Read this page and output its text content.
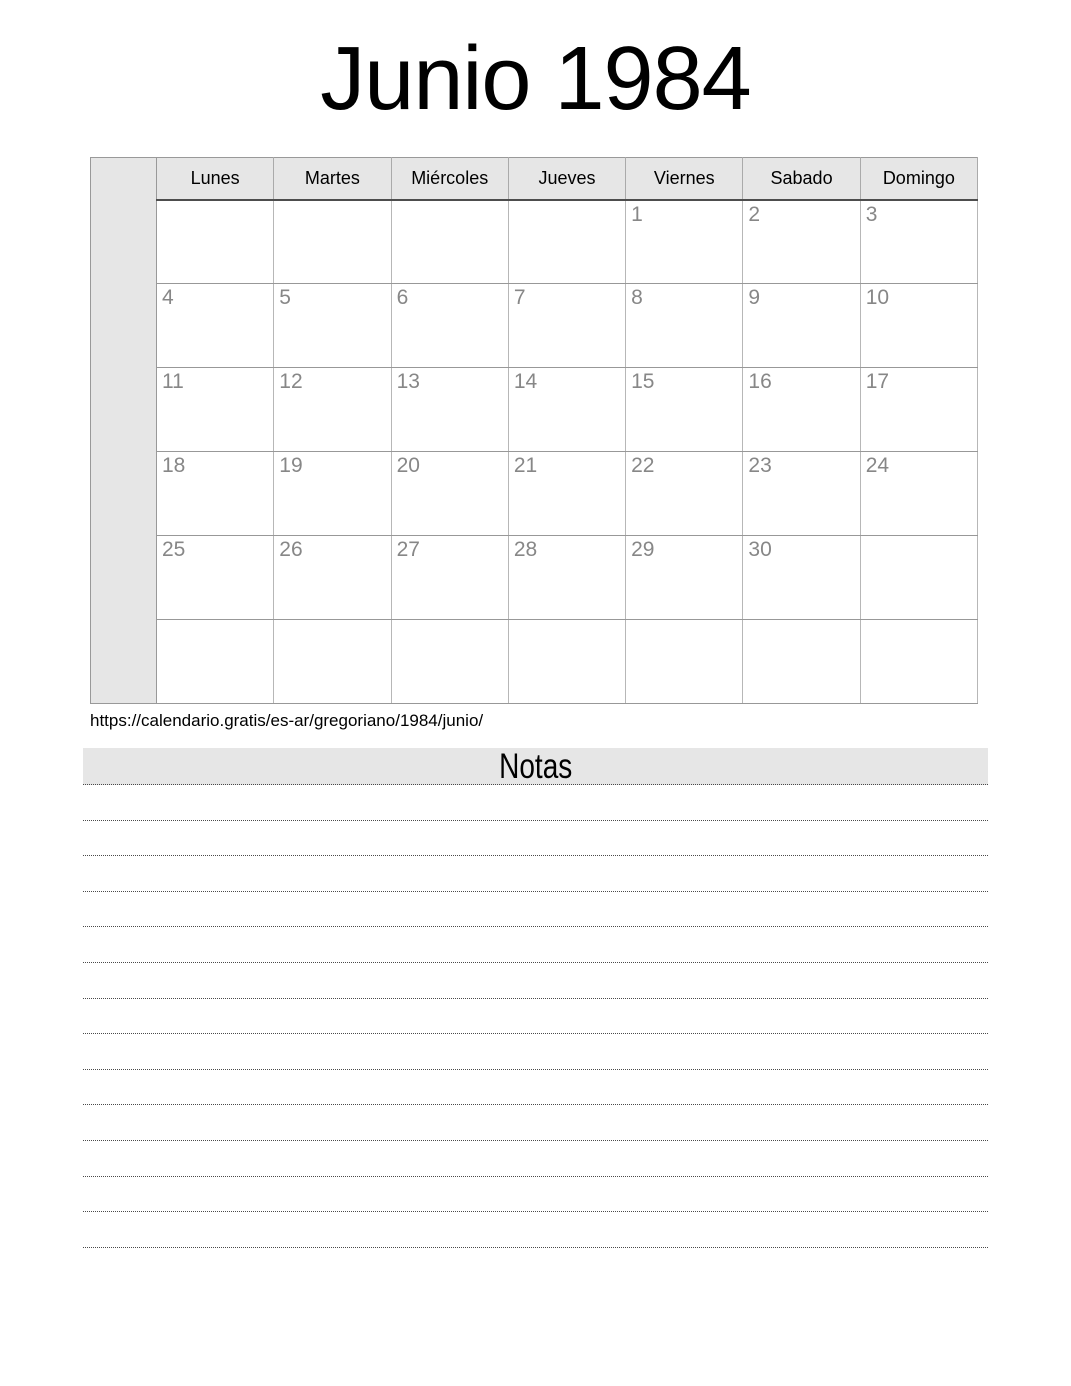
Junio 1984
	Lunes	Martes	Miércoles	Jueves	Viernes	Sabado	Domingo
					1	2	3
	4	5	6	7	8	9	10
	11	12	13	14	15	16	17
	18	19	20	21	22	23	24
	25	26	27	28	29	30	

https://calendario.gratis/es-ar/gregoriano/1984/junio/
Notas
